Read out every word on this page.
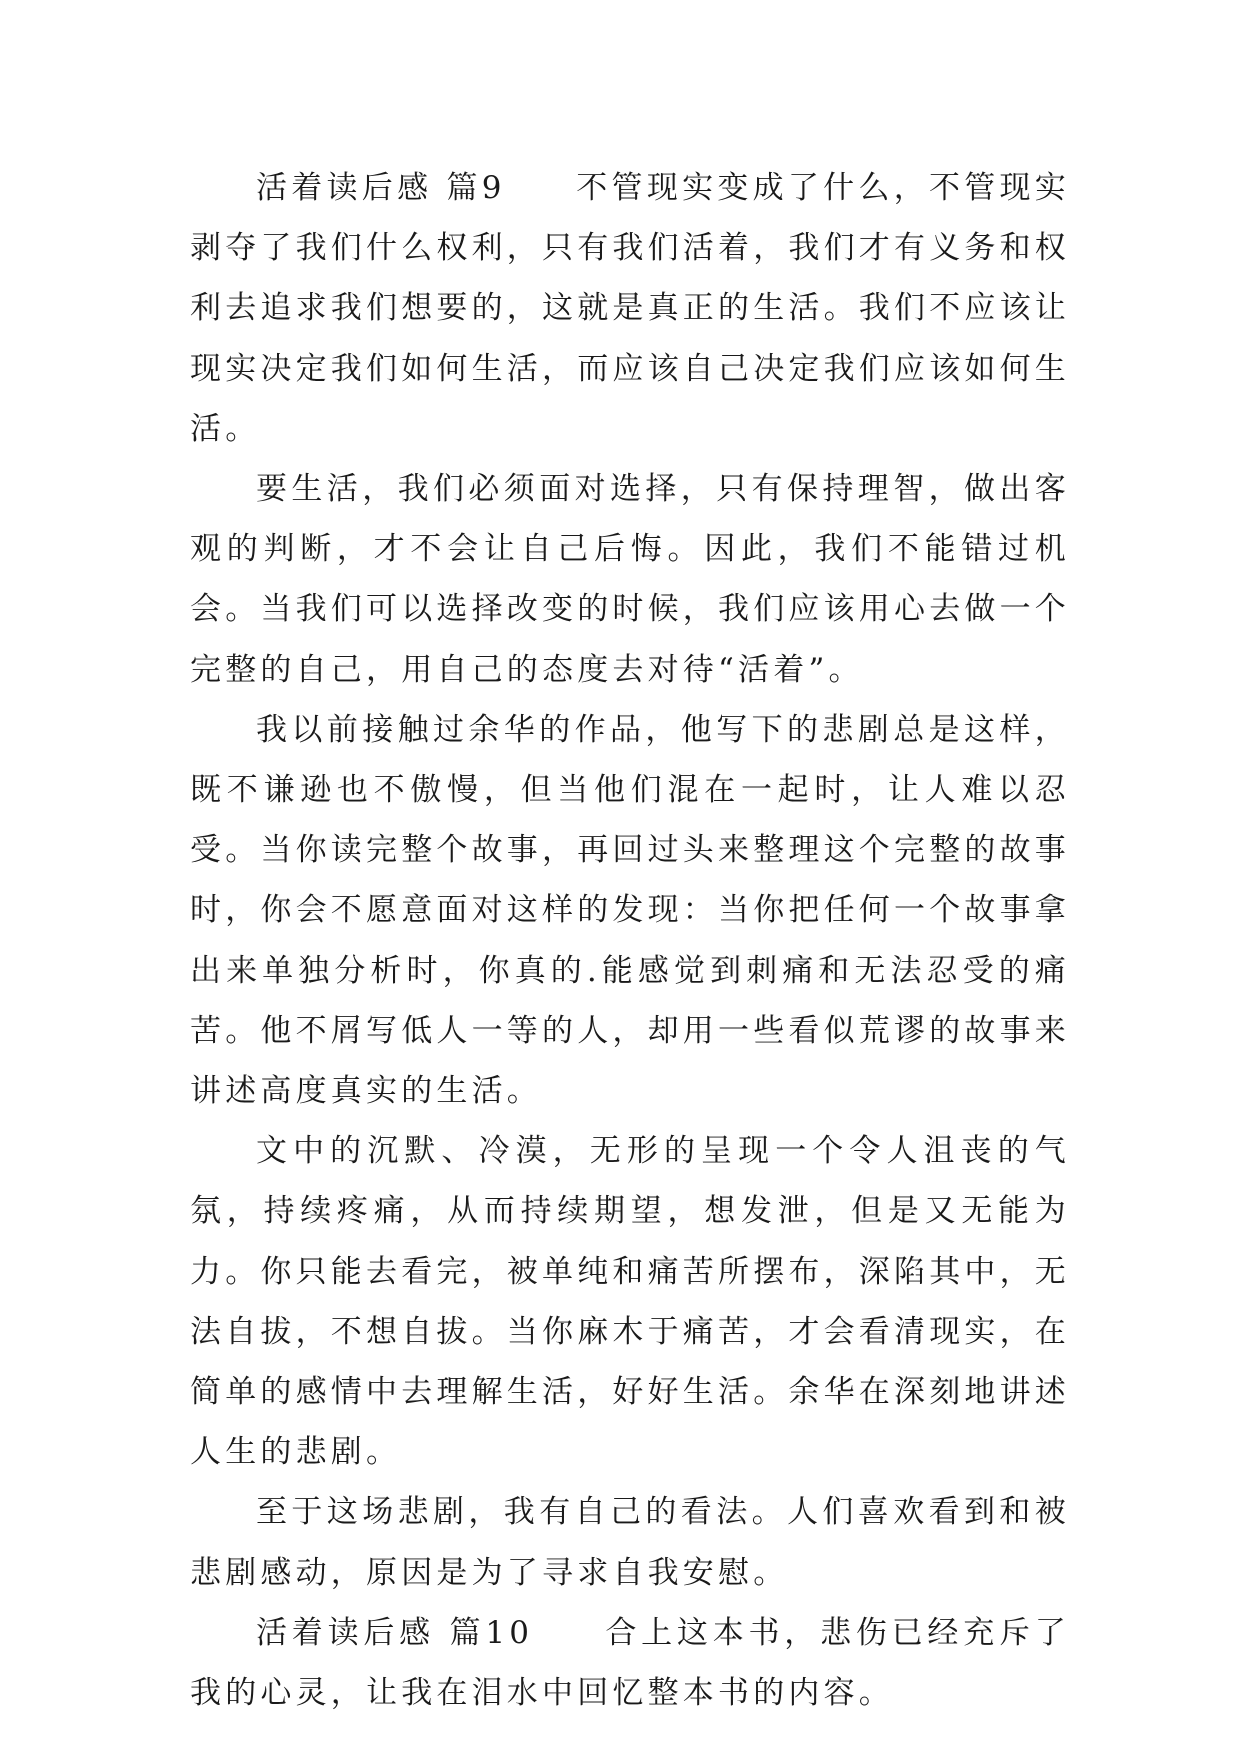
活着读后感 篇9　　不管现实变成了什么，不管现实剥夺了我们什么权利，只有我们活着，我们才有义务和权利去追求我们想要的，这就是真正的生活。我们不应该让现实决定我们如何生活，而应该自己决定我们应该如何生活。

要生活，我们必须面对选择，只有保持理智，做出客观的判断，才不会让自己后悔。因此，我们不能错过机会。当我们可以选择改变的时候，我们应该用心去做一个完整的自己，用自己的态度去对待“活着”。

我以前接触过余华的作品，他写下的悲剧总是这样，既不谦逊也不傲慢，但当他们混在一起时，让人难以忍受。当你读完整个故事，再回过头来整理这个完整的故事时，你会不愿意面对这样的发现：当你把任何一个故事拿出来单独分析时，你真的.能感觉到刺痛和无法忍受的痛苦。他不屑写低人一等的人，却用一些看似荒谬的故事来讲述高度真实的生活。

文中的沉默、冷漠，无形的呈现一个令人沮丧的气氛，持续疼痛，从而持续期望，想发泄，但是又无能为力。你只能去看完，被单纯和痛苦所摆布，深陷其中，无法自拔，不想自拔。当你麻木于痛苦，才会看清现实，在简单的感情中去理解生活，好好生活。余华在深刻地讲述人生的悲剧。

至于这场悲剧，我有自己的看法。人们喜欢看到和被悲剧感动，原因是为了寻求自我安慰。

活着读后感 篇10　　合上这本书，悲伤已经充斥了我的心灵，让我在泪水中回忆整本书的内容。
